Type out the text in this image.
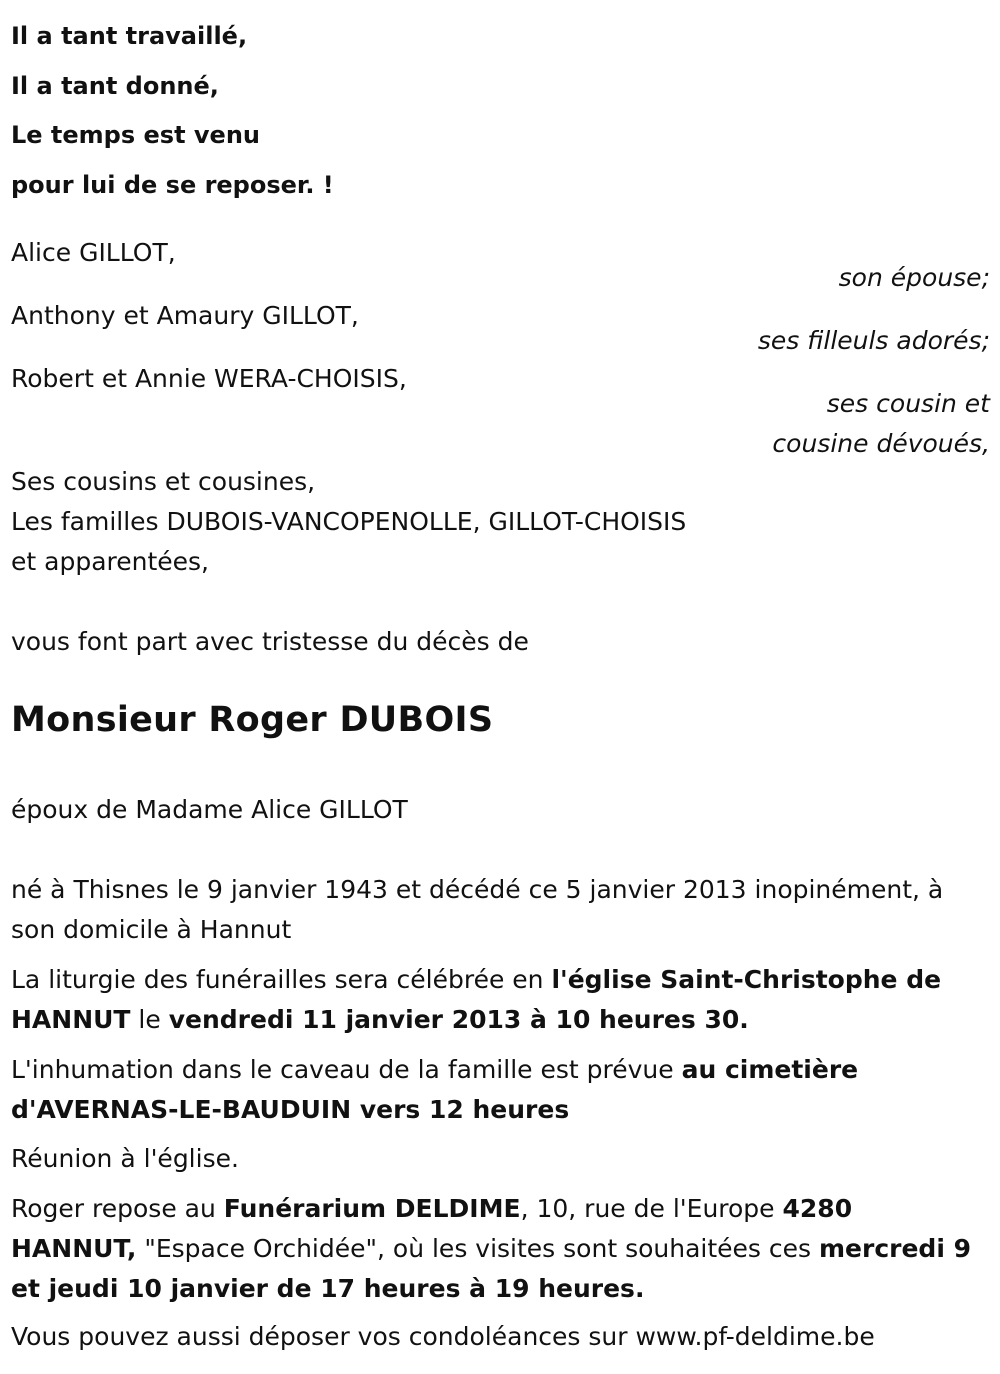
Il a tant travaillé,
Il a tant donné,
Le temps est venu
pour lui de se reposer. !
Alice GILLOT,
son épouse;
Anthony et Amaury GILLOT,
ses filleuls adorés;
Robert et Annie WERA-CHOISIS,
ses cousin et
cousine dévoués,
Ses cousins et cousines,
Les familles DUBOIS-VANCOPENOLLE, GILLOT-CHOISIS
et apparentées,
vous font part avec tristesse du décès de
Monsieur Roger DUBOIS
époux de Madame Alice GILLOT
né à Thisnes le 9 janvier 1943 et décédé ce 5 janvier 2013 inopinément, à
son domicile à Hannut
La liturgie des funérailles sera célébrée en l'église Saint-Christophe de HANNUT le vendredi 11 janvier 2013 à 10 heures 30.
L'inhumation dans le caveau de la famille est prévue au cimetière d'AVERNAS-LE-BAUDUIN vers 12 heures
Réunion à l'église.
Roger repose au Funérarium DELDIME, 10, rue de l'Europe 4280 HANNUT, "Espace Orchidée", où les visites sont souhaitées ces mercredi 9 et jeudi 10 janvier de 17 heures à 19 heures.
Vous pouvez aussi déposer vos condoléances sur www.pf-deldime.be
